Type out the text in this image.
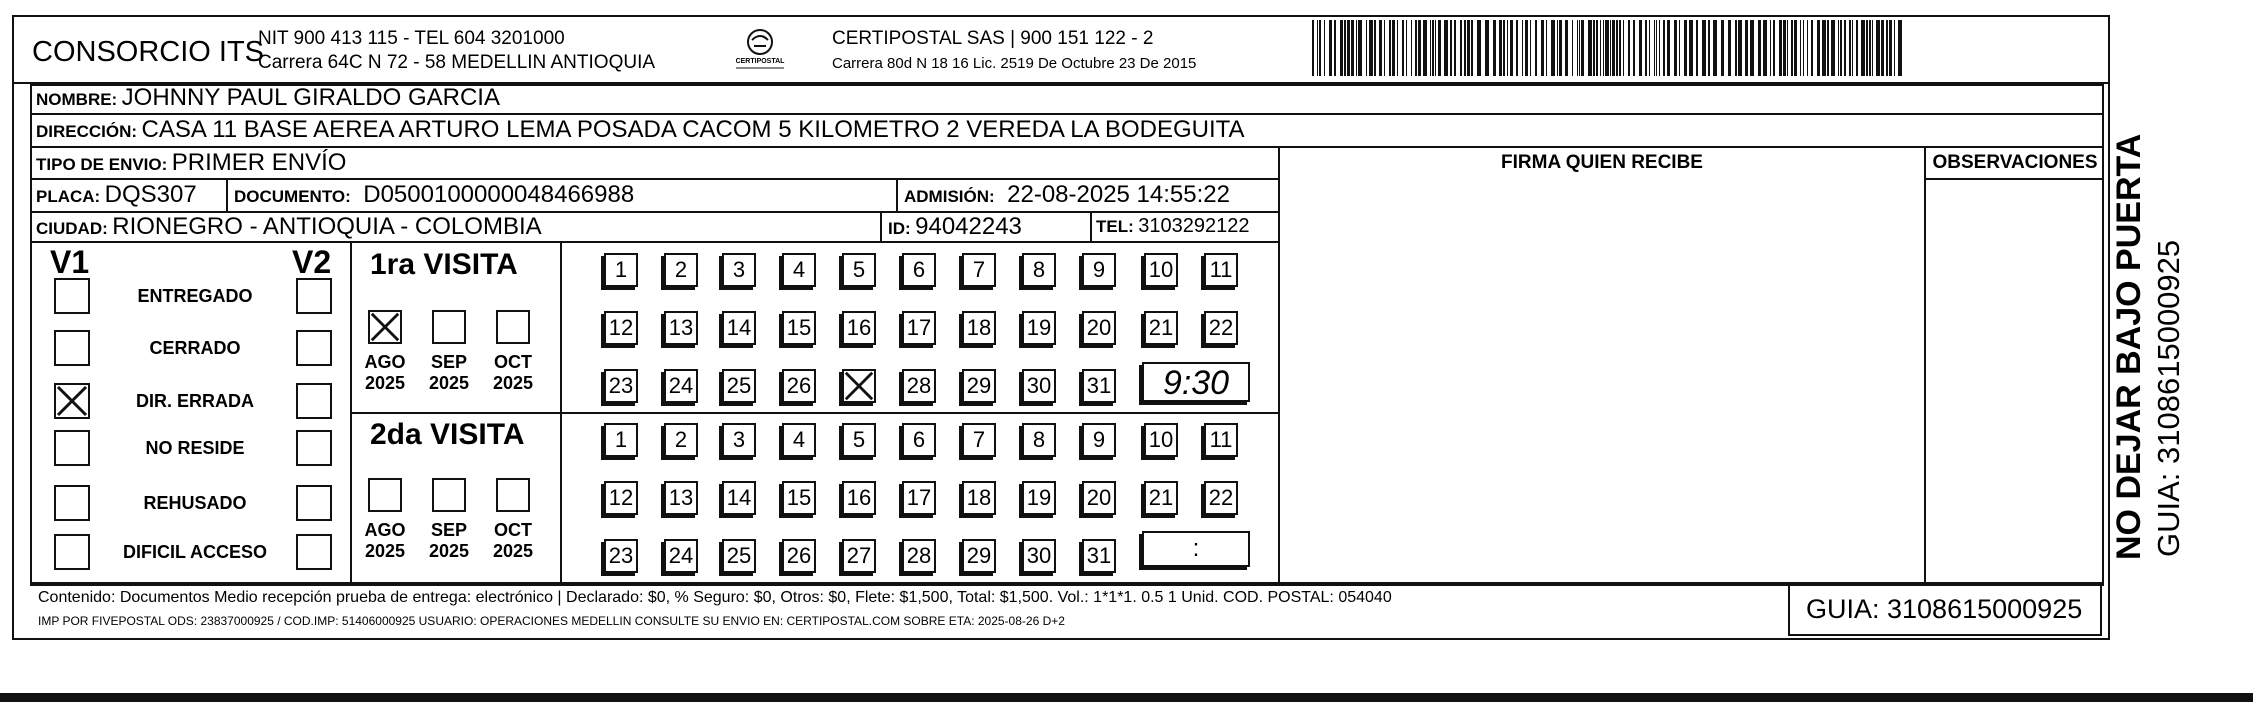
CONSORCIO ITS
NIT 900 413 115 - TEL 604 3201000
Carrera 64C N 72 - 58 MEDELLIN ANTIOQUIA	CERTIPOSTAL
CERTIPOSTAL SAS | 900 151 122 - 2
Carrera 80d N 18 16 Lic. 2519 De Octubre 23 De 2015
NOMBRE: JOHNNY PAUL GIRALDO GARCIA
DIRECCIÓN: CASA 11 BASE AEREA ARTURO LEMA POSADA CACOM 5 KILOMETRO 2 VEREDA LA BODEGUITA
TIPO DE ENVIO: PRIMER ENVÍO	FIRMA QUIEN RECIBE	OBSERVACIONES
PLACA: DQS307 DOCUMENTO: D0500100000048466988	ADMISIÓN: 22-08-2025 14:55:22
CIUDAD: RIONEGRO - ANTIOQUIA - COLOMBIA	ID: 94042243	TEL: 3103292122
V1	V2
ENTREGADO
CERRADO
DIR. ERRADA
NO RESIDE
REHUSADO
DIFICIL ACCESO
1ra VISITA
2da VISITA
AGO
2025
SEP
2025
OCT
2025
AGO
2025
SEP
2025
OCT
2025
1 2 3 4 5 6 7 8 9 10 11
12 13 14 15 16 17 18 19 20 21 22
23 24 25 26	28 29 30 31
1 2 3 4 5 6 7 8 9 10 11
12 13 14 15 16 17 18 19 20 21 22
23 24 25 26 27 28 29 30 31
9:30
:
Contenido: Documentos Medio recepción prueba de entrega: electrónico | Declarado: $0, % Seguro: $0, Otros: $0, Flete: $1,500, Total: $1,500. Vol.: 1*1*1. 0.5 1 Unid. COD. POSTAL: 054040
IMP POR FIVEPOSTAL ODS: 23837000925 / COD.IMP: 51406000925 USUARIO: OPERACIONES MEDELLIN CONSULTE SU ENVIO EN: CERTIPOSTAL.COM SOBRE ETA: 2025-08-26 D+2	GUIA: 3108615000925
NO DEJAR BAJO PUERTA GUIA: 3108615000925
